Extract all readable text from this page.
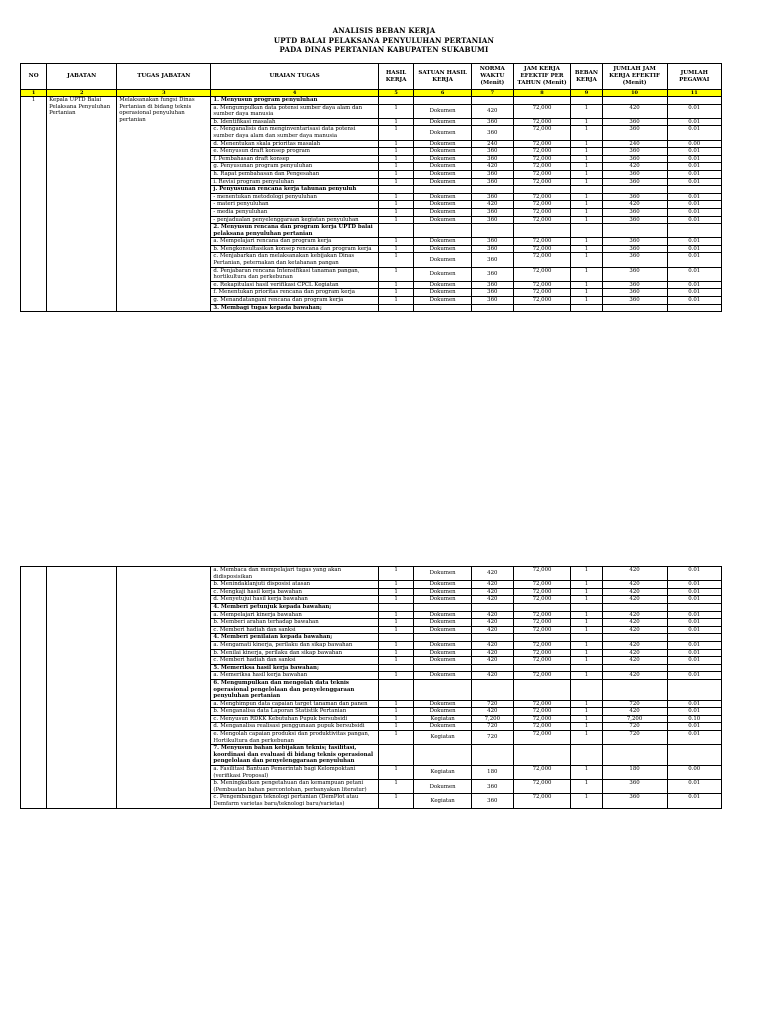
ANALISIS BEBAN KERJA
UPTD BALAI PELAKSANA PENYULUHAN PERTANIAN
PADA DINAS PERTANIAN KABUPATEN SUKABUMI
NO	JABATAN	TUGAS JABATAN	URAIAN TUGAS	HASIL KERJA	SATUAN HASIL KERJA	NORMA WAKTU (Menit)	JAM KERJA EFEKTIF PER TAHUN (Menit)	BEBAN KERJA	JUMLAH JAM KERJA EFEKTIF (Menit)	JUMLAH PEGAWAI
1	2	3	4	5	6	7	8	9	10	11
1	Kepala UPTD Balai Pelaksana Penyuluhan Pertanian	Melaksanakan fungsi Dinas Pertanian di bidang teknis operasional penyuluhan pertanian	1. Menyusun program penyuluhan							
			a. Mengumpulkan data potensi sumber daya alam dan sumber daya manusia	1	Dokumen	420	72,000	1	420	0.01
			b. Identifikasi masalah	1	Dokumen	360	72,000	1	360	0.01
			c. Menganalisis dan menginventarisasi data potensi sumber daya alam dan sumber daya manusia	1	Dokumen	360	72,000	1	360	0.01
			d. Menentukan skala prioritas masalah	1	Dokumen	240	72,000	1	240	0.00
			e. Menyusun draft konsep program	1	Dokumen	360	72,000	1	360	0.01
			f. Pembahasan draft konsep	1	Dokumen	360	72,000	1	360	0.01
			g. Penyusunan program penyuluhan	1	Dokumen	420	72,000	1	420	0.01
			h. Rapat pembahasan dan Pengesahan	1	Dokumen	360	72,000	1	360	0.01
			i. Revisi program penyuluhan	1	Dokumen	360	72,000	1	360	0.01
			j. Penyusunan rencana kerja tahunan penyuluh							
			- menentukan metodologi penyuluhan	1	Dokumen	360	72,000	1	360	0.01
			- materi penyuluhan	1	Dokumen	420	72,000	1	420	0.01
			- media penyuluhan	1	Dokumen	360	72,000	1	360	0.01
			- penjadualan penyelenggaraan kegiatan penyuluhan	1	Dokumen	360	72,000	1	360	0.01
			2. Menyusun rencana dan program kerja UPTD balai pelaksana penyuluhan pertanian							
			a. Mempelajari rencana dan program kerja	1	Dokumen	360	72,000	1	360	0.01
			b. Mengkonsultasikan konsep rencana dan program kerja	1	Dokumen	360	72,000	1	360	0.01
			c. Menjabarkan dan melaksanakan kebijakan Dinas Pertanian, peternakan dan ketahanan pangan	1	Dokumen	360	72,000	1	360	0.01
			d. Penjabaran rencana Intensifikasi tanaman pangan, hortikultura dan perkebunan	1	Dokumen	360	72,000	1	360	0.01
			e. Rekapitulasi hasil verifikasi CPCL Kegiatan	1	Dokumen	360	72,000	1	360	0.01
			f. Menentukan prioritas rencana dan program kerja	1	Dokumen	360	72,000	1	360	0.01
			g. Menandatangani rencana dan program kerja	1	Dokumen	360	72,000	1	360	0.01
			3. Membagi tugas kepada bawahan;							
			a. Membaca dan mempelajari tugas yang akan didisposisikan	1	Dokumen	420	72,000	1	420	0.01
			b. Menindaklanjuti disposisi atasan	1	Dokumen	420	72,000	1	420	0.01
			c. Mengkaji hasil kerja bawahan	1	Dokumen	420	72,000	1	420	0.01
			d. Menyetujui hasil kerja bawahan	1	Dokumen	420	72,000	1	420	0.01
			4. Memberi petunjuk kepada bawahan;							
			a. Mempelajari kinerja bawahan	1	Dokumen	420	72,000	1	420	0.01
			b. Memberi arahan terhadap bawahan	1	Dokumen	420	72,000	1	420	0.01
			c. Memberi hadiah dan sanksi	1	Dokumen	420	72,000	1	420	0.01
			4. Memberi penilaian kepada bawahan;							
			a. Mengamati kinerja, perilaku dan sikap bawahan	1	Dokumen	420	72,000	1	420	0.01
			b. Menilai kinerja, perilaku dan sikap bawahan	1	Dokumen	420	72,000	1	420	0.01
			c. Memberi hadiah dan sanksi	1	Dokumen	420	72,000	1	420	0.01
			5. Memeriksa hasil kerja bawahan;							
			a. Memeriksa hasil kerja bawahan	1	Dokumen	420	72,000	1	420	0.01
			6. Mengumpulkan dan mengolah data teknis operasional pengelolaan dan penyelenggaraan penyuluhan pertanian							
			a. Menghimpun data capaian target tanaman dan panen	1	Dokumen	720	72,000	1	720	0.01
			b. Menganalisa data Laporan Statistik Pertanian	1	Dokumen	420	72,000	1	420	0.01
			c. Menyusun RDKK Kebutuhan Pupuk bersubsidi	1	Kegiatan	7,200	72,000	1	7,200	0.10
			d. Menganalisa realisasi penggunaan pupuk bersubsidi	1	Dokumen	720	72,000	1	720	0.01
			e. Mengolah capaian produksi dan produktivitas pangan, Hortikultura dan perkebunan	1	Kegiatan	720	72,000	1	720	0.01
			7. Menyusun bahan kebijakan teknis; fasilitasi, koordinasi dan evaluasi di bidang teknis operasional pengelolaan dan penyelenggaraan penyuluhan							
			a. Fasilitasi Bantuan Pemerintah bagi Kelompoktani (verifikasi Proposal)	1	Kegiatan	180	72,000	1	180	0.00
			b. Meningkatkan pengetahuan dan kemampuan petani (Pembuatan bahan percontohan, perbanyakan literatur)	1	Dokumen	360	72,000	1	360	0.01
			c. Pengembangan teknologi pertanian (DemPlot atau Demfarm varietas baru/teknologi baru/varietas)	1	Kegiatan	360	72,000	1	360	0.01
